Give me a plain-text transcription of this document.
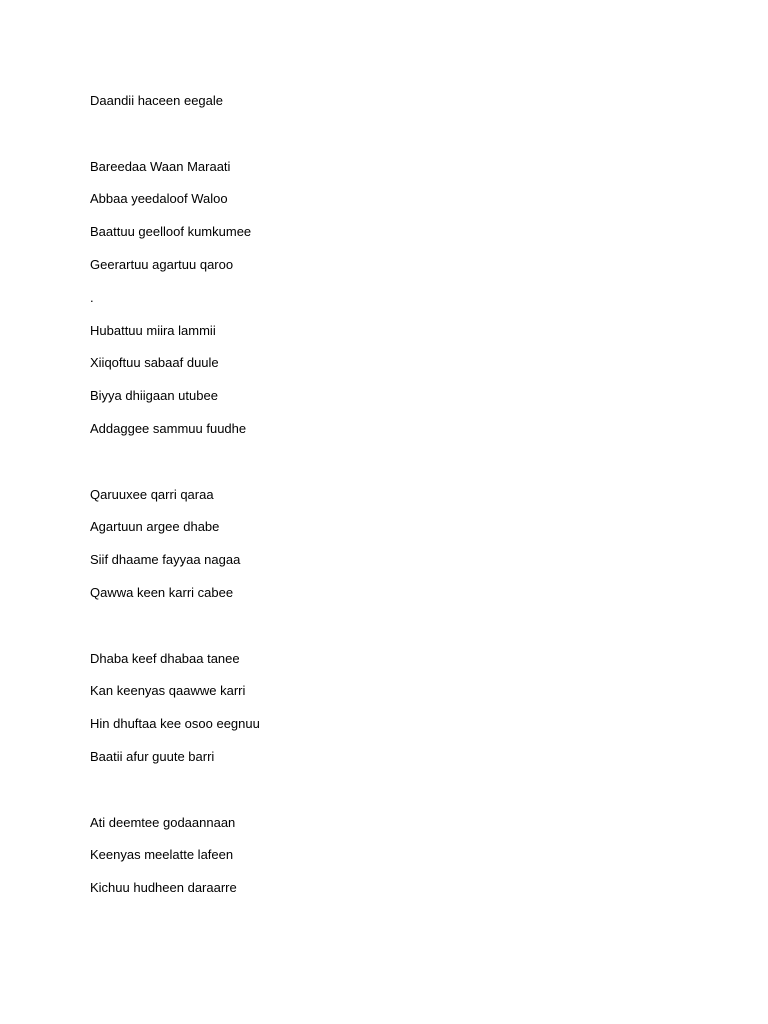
Daandii haceen eegale
Bareedaa Waan Maraati
Abbaa yeedaloof Waloo
Baattuu geelloof kumkumee
Geerartuu agartuu qaroo
.
Hubattuu miira lammii
Xiiqoftuu sabaaf duule
Biyya dhiigaan utubee
Addaggee sammuu fuudhe
Qaruuxee qarri qaraa
Agartuun argee dhabe
Siif dhaame fayyaa nagaa
Qawwa keen karri cabee
Dhaba keef dhabaa tanee
Kan keenyas qaawwe karri
Hin dhuftaa kee osoo eegnuu
Baatii afur guute barri
Ati deemtee godaannaan
Keenyas meelatte lafeen
Kichuu hudheen daraarre
